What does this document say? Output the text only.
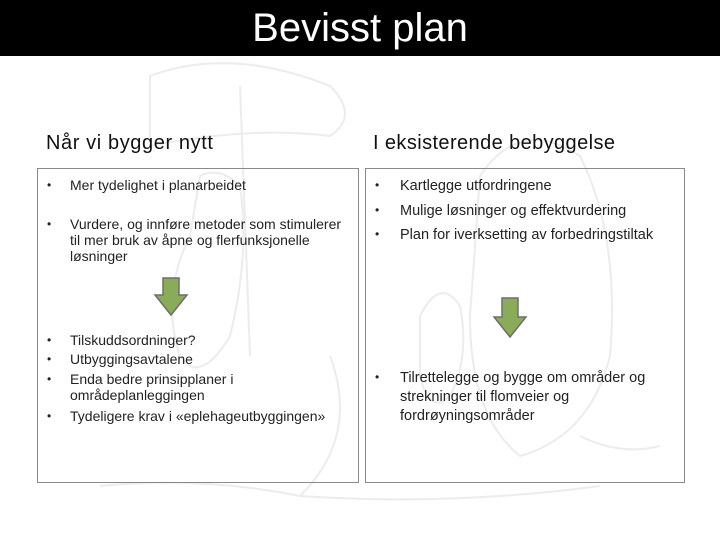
Bevisst plan
Når vi bygger nytt	I eksisterende bebyggelse
• Mer tydelighet i planarbeidet
• Vurdere, og innføre metoder som stimulerer til mer bruk av åpne og flerfunksjonelle løsninger
• Tilskuddsordninger?
• Utbyggingsavtalene
• Enda bedre prinsipplaner i områdeplanleggingen
• Tydeligere krav i «eplehageutbyggingen»
• Kartlegge utfordringene
• Mulige løsninger og effektvurdering
• Plan for iverksetting av forbedringstiltak
• Tilrettelegge og bygge om områder og strekninger til flomveier og fordrøyningsområder
